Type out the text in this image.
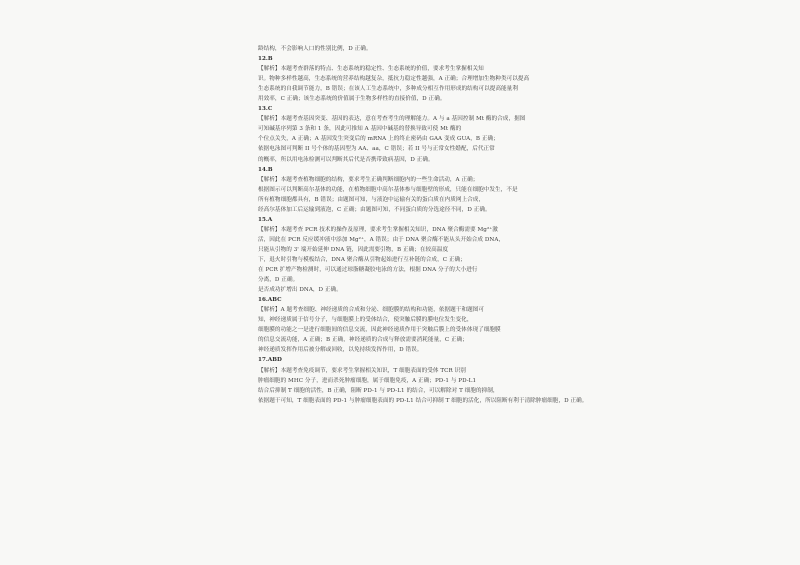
龄结构，不会影响人口的性别比例，D 正确。
12.B
【解析】本题考查群落的特点、生态系统的稳定性、生态系统的价值，要求考生掌握相关知
识。物种多样性越高，生态系统的营养结构越复杂，抵抗力稳定性越强，A 正确；合理增加生物种类可以提高
生态系统的自我调节能力，B 错误；在该人工生态系统中，多种成分相互作用形成的结构可以提高能量利
用效率，C 正确；该生态系统的价值属于生物多样性的直接价值，D 正确。
13.C
【解析】本题考查基因突变、基因的表达，意在考查考生的理解能力。A 与 a 基因控制 Mt 酶的合成，据图
可知碱基序列第 3 条和 1 条，因此可推知 A 基因中碱基的替换导致可使 Mt 酶的
个位点关失，A 正确；A 基因发生突变后的 mRNA 上的终止密码由 GAA 变成 GUA，B 正确；
依据电泳图可判断 II 号个体的基因型为 AA、aa，C 错误；若 II 号与正常女性婚配，后代正常
的概率，所以用电泳检测可以判断其后代是否携带致病基因，D 正确。
14.B
【解析】本题考查植物细胞的结构，要求考生正确判断细胞内的一些生命活动，A 正确；
根据图示可以判断高尔基体的功能，在植物细胞中高尔基体参与细胞壁的形成，只能在细胞中发生，不是
所有植物细胞都具有，B 错误；由题图可知，与液泡中运输有关的蛋白质在内质网上合成，
经高尔基体加工后运输到液泡，C 正确；由题图可知，不同蛋白质的分选途径不同，D 正确。
15.A
【解析】本题考查 PCR 技术的操作及原理，要求考生掌握相关知识，DNA 聚合酶需要 Mg²⁺激
活，因此在 PCR 反应缓冲液中添加 Mg²⁺，A 错误；由于 DNA 聚合酶不能从头开始合成 DNA，
只能从引物的 3' 端开始延伸 DNA 链，因此需要引物，B 正确；在较高温度
下，退火时引物与模板结合，DNA 聚合酶从引物起始进行互补链的合成，C 正确；
在 PCR 扩增产物检测时，可以通过琼脂糖凝胶电泳的方法，根据 DNA 分子的大小进行
分离，D 正确。
是否成功扩增出 DNA，D 正确。
16.ABC
【解析】A 题考查细胞、神经递质的合成和分泌、细胞膜的结构和功能，依据题干和题图可
知，神经递质属于信号分子，与细胞膜上的受体结合，使突触后膜的膜电位发生变化，
细胞膜的功能之一是进行细胞间的信息交流，因此神经递质作用于突触后膜上的受体体现了细胞膜
的信息交流功能，A 正确；B 正确，神经递质的合成与释放需要消耗能量，C 正确；
神经递质发挥作用后被分解或回收，以免持续发挥作用，D 错误。
17.ABD
【解析】本题考查免疫调节，要求考生掌握相关知识，T 细胞表面的受体 TCR 识别
肿瘤细胞的 MHC 分子，进而杀死肿瘤细胞，属于细胞免疫，A 正确；PD-1 与 PD-L1
结合后抑制 T 细胞的活性，B 正确，阻断 PD-1 与 PD-L1 的结合，可以解除对 T 细胞的抑制，
依据题干可知，T 细胞表面的 PD-1 与肿瘤细胞表面的 PD-L1 结合可抑制 T 细胞的活化，所以阻断有利于清除肿瘤细胞，D 正确。
